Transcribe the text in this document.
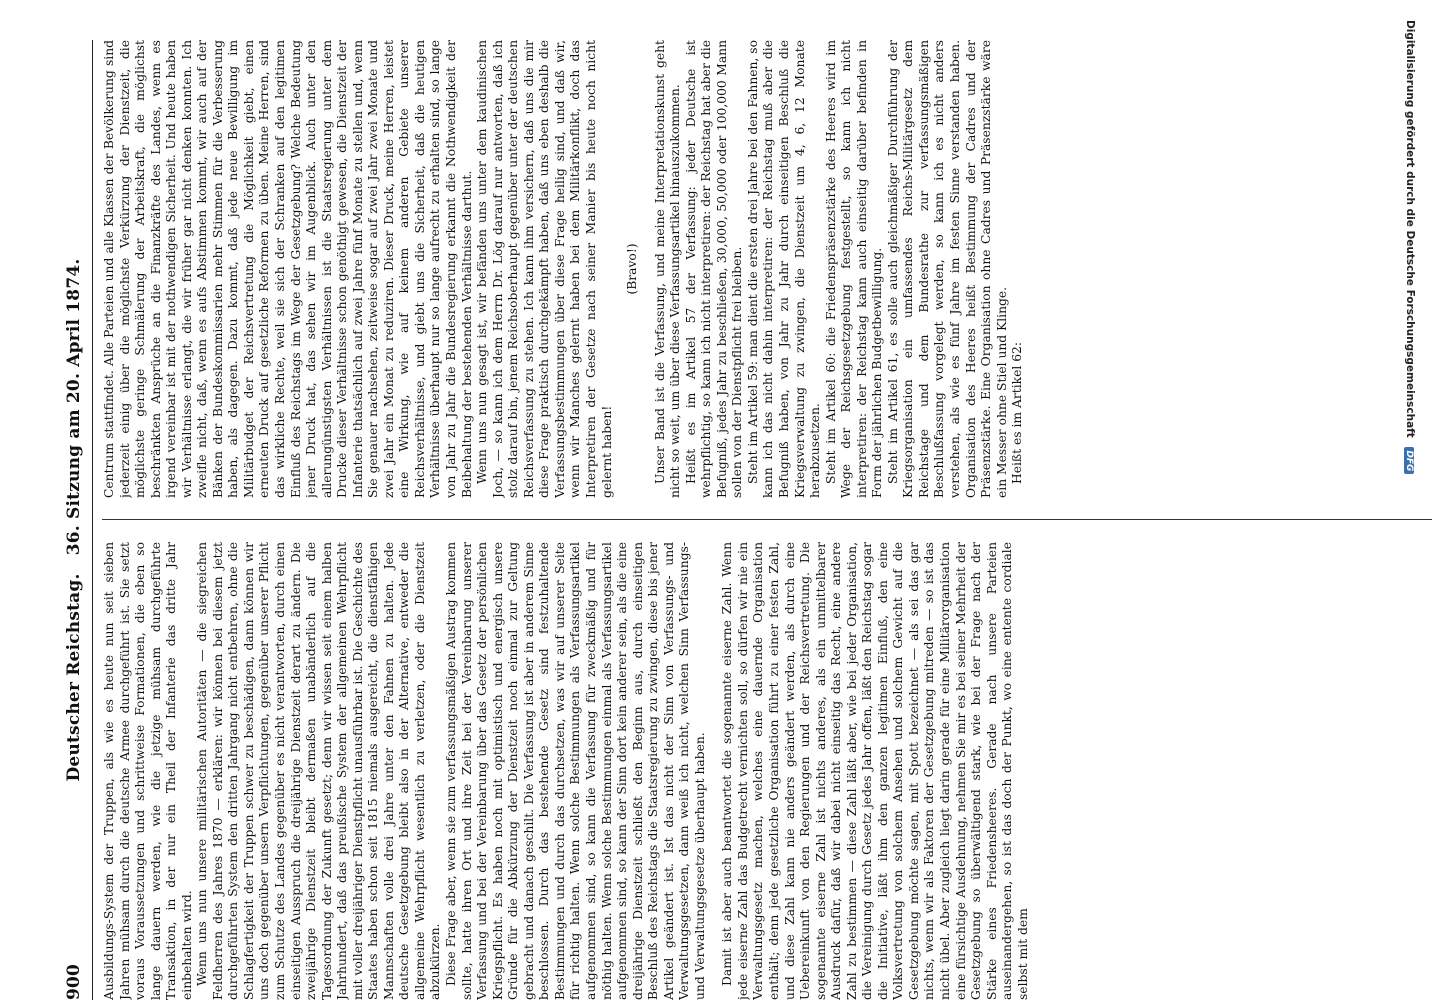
900
Deutscher Reichstag. 36. Sitzung am 20. April 1874.

Ausbildungs-System der Truppen, als wie es heute nun seit sieben Jahren mühsam durch die deutsche Armee durchgeführt ist. Sie setzt voraus Voraussetzungen und schrittweise Formationen, die eben so lange dauern werden, wie die jetzige mühsam durchgeführte Transaktion, in der nur ein Theil der Infanterie das dritte Jahr einbehalten wird. Wenn uns nun unsere militärischen Autoritäten — die siegreichen Feldherren des Jahres 1870 — erklären: wir können bei diesem jetzt durchgeführten System den dritten Jahrgang nicht entbehren, ohne die Schlagfertigkeit der Truppen schwer zu beschädigen, dann können wir uns doch gegenüber unsern Verpflichtungen, gegenüber unserer Pflicht zum Schutze des Landes gegenüber es nicht verantworten, durch einen einseitigen Ausspruch die dreijährige Dienstzeit derart zu ändern. Die zweijährige Dienstzeit bleibt dermaßen unabänderlich auf die Tagesordnung der Zukunft gesetzt; denn wir wissen seit einem halben Jahrhundert, daß das preußische System der allgemeinen Wehrpflicht mit voller dreijähriger Dienstpflicht unausführbar ist. Die Geschichte des Staates haben schon seit 1815 niemals ausgereicht, die dienstfähigen Mannschaften volle drei Jahre unter den Fahnen zu halten. Jede deutsche Gesetzgebung bleibt also in der Alternative, entweder die allgemeine Wehrpflicht wesentlich zu verletzen, oder die Dienstzeit abzukürzen. Diese Frage aber, wenn sie zum verfassungsmäßigen Austrag kommen sollte, hatte ihren Ort und ihre Zeit bei der Vereinbarung unserer Verfassung und bei der Vereinbarung über das Gesetz der persönlichen Kriegspflicht. Es haben noch mit optimistisch und energisch unsere Gründe für die Abkürzung der Dienstzeit noch einmal zur Geltung gebracht und danach geschilt. Die Verfassung ist aber in anderem Sinne beschlossen. Durch das bestehende Gesetz sind festzuhaltende Bestimmungen und durch das durchsetzen, was wir auf unserer Seite für richtig halten. Wenn solche Bestimmungen als Verfassungsartikel aufgenommen sind, so kann die Verfassung für zweckmäßig und für nöthig halten. Wenn solche Bestimmungen einmal als Verfassungsartikel aufgenommen sind, so kann der Sinn dort kein anderer sein, als die eine dreijährige Dienstzeit schließt den Beginn aus, durch einseitigen Beschluß des Reichstags die Staatsregierung zu zwingen, diese bis jener Artikel geändert ist. Ist das nicht der Sinn von Verfassungs- und Verwaltungsgesetzen, dann weiß ich nicht, welchen Sinn Verfassungs- und Verwaltungsgesetze überhaupt haben. Damit ist aber auch beantwortet die sogenannte eiserne Zahl. Wenn jede eiserne Zahl das Budgetrecht vernichten soll, so dürfen wir nie ein Verwaltungsgesetz machen, welches eine dauernde Organisation enthält; denn jede gesetzliche Organisation führt zu einer festen Zahl, und diese Zahl kann nie anders geändert werden, als durch eine Uebereinkunft von den Regierungen und der Reichsvertretung. Die sogenannte eiserne Zahl ist nichts anderes, als ein unmittelbarer Ausdruck dafür, daß wir dabei nicht einseitig das Recht, eine andere Zahl zu bestimmen — diese Zahl läßt aber, wie bei jeder Organisation, die Vereinigung durch Gesetz jedes Jahr offen, läßt den Reichstag sogar die Initiative, läßt ihm den ganzen legitimen Einfluß, den eine Volksvertretung von solchem Ansehen und solchem Gewicht auf die Gesetzgebung möchte sagen, mit Spott bezeichnet — als sei das gar nichts, wenn wir als Faktoren der Gesetzgebung mitreden — so ist das nicht übel. Aber zugleich liegt darin gerade für eine Militärorganisation eine fürsichtige Ausdehnung, nehmen Sie mir es bei seiner Mehrheit der Gesetzgebung so überwältigend stark, wie bei der Frage nach der Stärke eines Friedensheeres. Gerade nach unsere Parteien auseinandergehen, so ist das doch der Punkt, wo eine entente cordiale selbst mit dem

Centrum stattfindet. Alle Parteien und alle Klassen der Bevölkerung sind jederzeit einig über die möglichste Verkürzung der Dienstzeit, die möglichste geringe Schmälerung der Arbeitskraft, die möglichst beschränkten Ansprüche an die Finanzkräfte des Landes, wenn es irgend vereinbar ist mit der nothwendigen Sicherheit. Und heute haben wir Verhältnisse erlangt, die wir früher gar nicht denken konnten. Ich zweifle nicht, daß, wenn es aufs Abstimmen kommt, wir auch auf der Bänken der Bundeskommissarien mehr Stimmen für die Verbesserung haben, als dagegen. Dazu kommt, daß jede neue Bewilligung im Militärbudget der Reichsvertretung die Möglichkeit giebt, einen erneuten Druck auf gesetzliche Reformen zu üben. Meine Herren, sind das wirkliche Rechte, weil sie sich der Schranken auf den legitimen Einfluß des Reichstags im Wege der Gesetzgebung? Welche Bedeutung jener Druck hat, das sehen wir im Augenblick. Auch unter den allerungünstigsten Verhältnissen ist die Staatsregierung unter dem Drucke dieser Verhältnisse schon genöthigt gewesen, die Dienstzeit der Infanterie thatsächlich auf zwei Jahre fünf Monate zu stellen und, wenn Sie genauer nachsehen, zeitweise sogar auf zwei Jahr zwei Monate und zwei Jahr ein Monat zu reduziren. Dieser Druck, meine Herren, leistet eine Wirkung, wie auf keinem anderen Gebiete unserer Reichsverhältnisse, und giebt uns die Sicherheit, daß die heutigen Verhältnisse überhaupt nur so lange aufrecht zu erhalten sind, so lange von Jahr zu Jahr die Bundesregierung erkannt die Nothwendigkeit der Beibehaltung der bestehenden Verhältnisse darthut. Wenn uns nun gesagt ist, wir befänden uns unter dem kaudinischen Joch, — so kann ich dem Herrn Dr. Lög darauf nur antworten, daß ich stolz darauf bin, jenem Reichsoberhaupt gegenüber unter der deutschen Reichsverfassung zu stehen. Ich kann ihm versichern, daß uns die mir diese Frage praktisch durchgekämpft haben, daß uns eben deshalb die Verfassungsbestimmungen über diese Frage heilig sind, und daß wir, wenn wir Manches gelernt haben bei dem Militärkonflikt, doch das Interpretiren der Gesetze nach seiner Manier bis heute noch nicht gelernt haben!

(Bravo!) Unser Band ist die Verfassung, und meine Interpretationskunst geht nicht so weit, um über diese Verfassungsartikel hinauszukommen. Heißt es im Artikel 57 der Verfassung: jeder Deutsche ist wehrpflichtig, so kann ich nicht interpretiren: der Reichstag hat aber die Befugniß, jedes Jahr zu beschließen, 30,000, 50,000 oder 100,000 Mann sollen von der Dienstpflicht frei bleiben. Steht im Artikel 59: man dient die ersten drei Jahre bei den Fahnen, so kann ich das nicht dahin interpretiren: der Reichstag muß aber die Befugniß haben, von Jahr zu Jahr durch einseitigen Beschluß die Kriegsverwaltung zu zwingen, die Dienstzeit um 4, 6, 12 Monate herabzusetzen. Steht im Artikel 60: die Friedenspräsenzstärke des Heeres wird im Wege der Reichsgesetzgebung festgestellt, so kann ich nicht interpretiren: der Reichstag kann auch einseitig darüber befinden in Form der jährlichen Budgetbewilligung. Steht im Artikel 61, es solle auch gleichmäßiger Durchführung der Kriegsorganisation ein umfassendes Reichs-Militärgesetz dem Reichstage und dem Bundesrathe zur verfassungsmäßigen Beschlußfassung vorgelegt werden, so kann ich es nicht anders verstehen, als wie es fünf Jahre im festen Sinne verstanden haben. Organisation des Heeres heißt Bestimmung der Cadres und der Präsenzstärke. Eine Organisation ohne Cadres und Präsenzstärke wäre ein Messer ohne Stiel und Klinge. Heißt es im Artikel 62:	Digitalisierung gefördert durch die Deutsche Forschungsgemeinschaft DFG
